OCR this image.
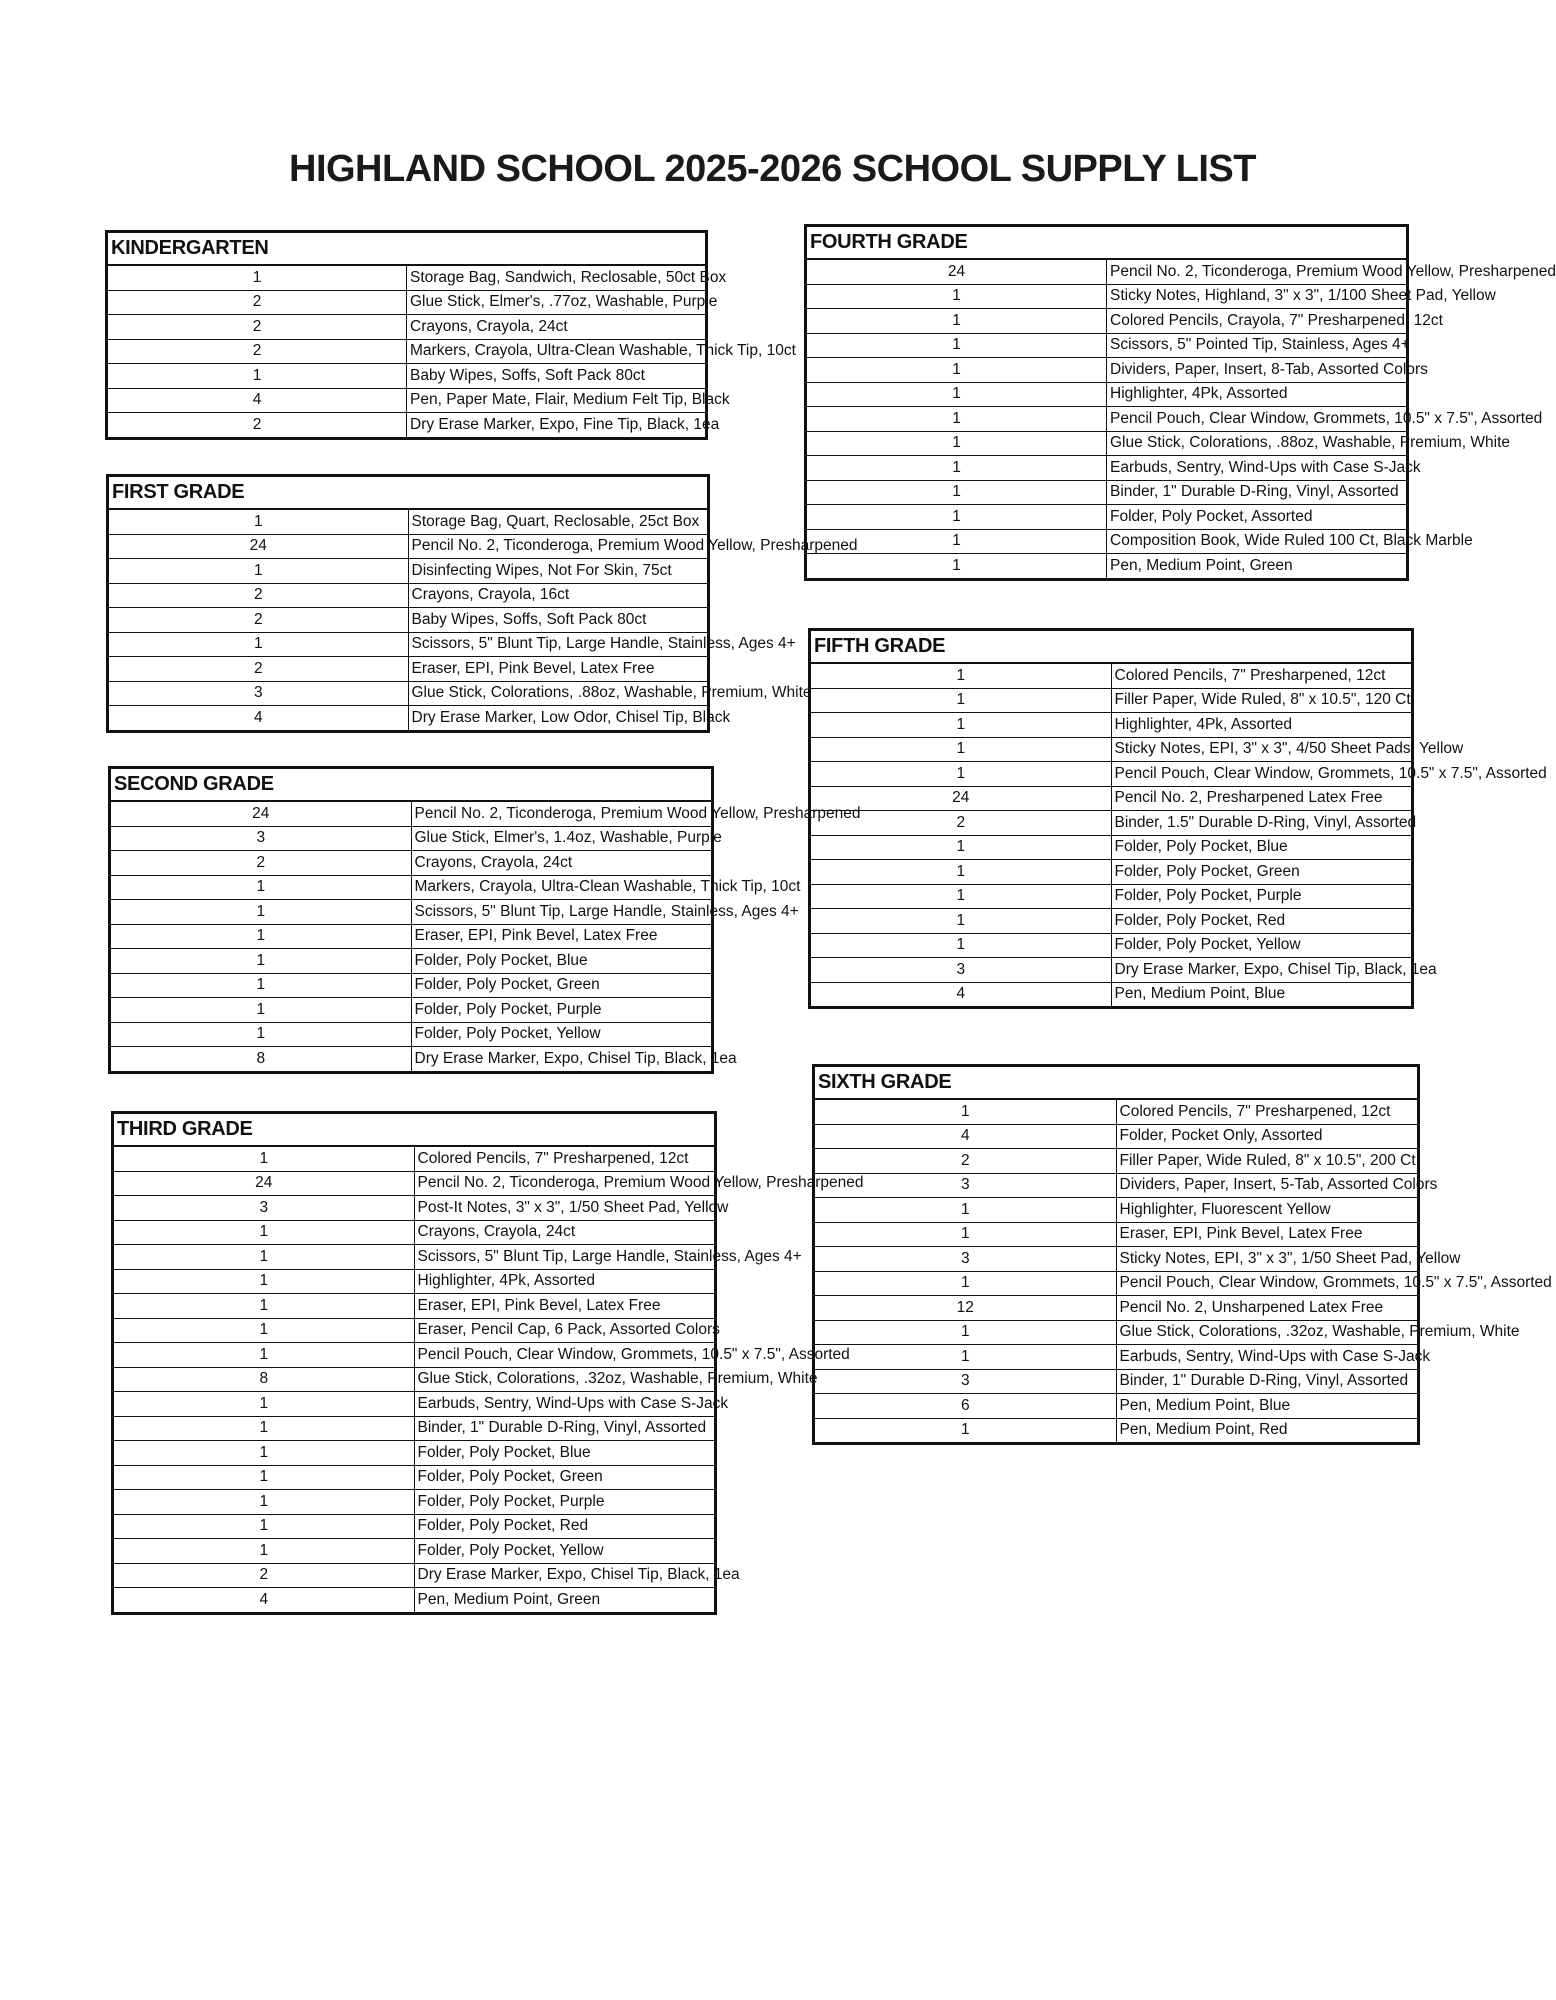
HIGHLAND SCHOOL 2025-2026 SCHOOL SUPPLY LIST
KINDERGARTEN	
1	Storage Bag, Sandwich, Reclosable, 50ct Box
2	Glue Stick, Elmer's, .77oz, Washable, Purple
2	Crayons, Crayola, 24ct
2	Markers, Crayola, Ultra-Clean Washable, Thick Tip, 10ct
1	Baby Wipes, Soffs, Soft Pack 80ct
4	Pen, Paper Mate, Flair, Medium Felt Tip, Black
2	Dry Erase Marker, Expo, Fine Tip, Black, 1ea
FIRST GRADE	
1	Storage Bag, Quart, Reclosable, 25ct Box
24	Pencil No. 2, Ticonderoga, Premium Wood Yellow, Presharpened
1	Disinfecting Wipes, Not For Skin, 75ct
2	Crayons, Crayola, 16ct
2	Baby Wipes, Soffs, Soft Pack 80ct
1	Scissors, 5" Blunt Tip, Large Handle, Stainless, Ages 4+
2	Eraser, EPI, Pink Bevel, Latex Free
3	Glue Stick, Colorations, .88oz, Washable, Premium, White
4	Dry Erase Marker, Low Odor, Chisel Tip, Black
SECOND GRADE	
24	Pencil No. 2, Ticonderoga, Premium Wood Yellow, Presharpened
3	Glue Stick, Elmer's, 1.4oz, Washable, Purple
2	Crayons, Crayola, 24ct
1	Markers, Crayola, Ultra-Clean Washable, Thick Tip, 10ct
1	Scissors, 5" Blunt Tip, Large Handle, Stainless, Ages 4+
1	Eraser, EPI, Pink Bevel, Latex Free
1	Folder, Poly Pocket, Blue
1	Folder, Poly Pocket, Green
1	Folder, Poly Pocket, Purple
1	Folder, Poly Pocket, Yellow
8	Dry Erase Marker, Expo, Chisel Tip, Black, 1ea
THIRD GRADE	
1	Colored Pencils, 7" Presharpened, 12ct
24	Pencil No. 2, Ticonderoga, Premium Wood Yellow, Presharpened
3	Post-It Notes, 3" x 3", 1/50 Sheet Pad, Yellow
1	Crayons, Crayola, 24ct
1	Scissors, 5" Blunt Tip, Large Handle, Stainless, Ages 4+
1	Highlighter, 4Pk, Assorted
1	Eraser, EPI, Pink Bevel, Latex Free
1	Eraser, Pencil Cap, 6 Pack, Assorted Colors
1	Pencil Pouch, Clear Window, Grommets, 10.5" x 7.5", Assorted
8	Glue Stick, Colorations, .32oz, Washable, Premium, White
1	Earbuds, Sentry, Wind-Ups with Case S-Jack
1	Binder, 1" Durable D-Ring, Vinyl, Assorted
1	Folder, Poly Pocket, Blue
1	Folder, Poly Pocket, Green
1	Folder, Poly Pocket, Purple
1	Folder, Poly Pocket, Red
1	Folder, Poly Pocket, Yellow
2	Dry Erase Marker, Expo, Chisel Tip, Black, 1ea
4	Pen, Medium Point, Green
FOURTH GRADE	
24	Pencil No. 2, Ticonderoga, Premium Wood Yellow, Presharpened
1	Sticky Notes, Highland, 3" x 3", 1/100 Sheet Pad, Yellow
1	Colored Pencils, Crayola, 7" Presharpened, 12ct
1	Scissors, 5" Pointed Tip, Stainless, Ages 4+
1	Dividers, Paper, Insert, 8-Tab, Assorted Colors
1	Highlighter, 4Pk, Assorted
1	Pencil Pouch, Clear Window, Grommets, 10.5" x 7.5", Assorted
1	Glue Stick, Colorations, .88oz, Washable, Premium, White
1	Earbuds, Sentry, Wind-Ups with Case S-Jack
1	Binder, 1" Durable D-Ring, Vinyl, Assorted
1	Folder, Poly Pocket, Assorted
1	Composition Book, Wide Ruled 100 Ct, Black Marble
1	Pen, Medium Point, Green
FIFTH GRADE	
1	Colored Pencils, 7" Presharpened, 12ct
1	Filler Paper, Wide Ruled, 8" x 10.5", 120 Ct
1	Highlighter, 4Pk, Assorted
1	Sticky Notes, EPI, 3" x 3", 4/50 Sheet Pads, Yellow
1	Pencil Pouch, Clear Window, Grommets, 10.5" x 7.5", Assorted
24	Pencil No. 2, Presharpened Latex Free
2	Binder, 1.5" Durable D-Ring, Vinyl, Assorted
1	Folder, Poly Pocket, Blue
1	Folder, Poly Pocket, Green
1	Folder, Poly Pocket, Purple
1	Folder, Poly Pocket, Red
1	Folder, Poly Pocket, Yellow
3	Dry Erase Marker, Expo, Chisel Tip, Black, 1ea
4	Pen, Medium Point, Blue
SIXTH GRADE	
1	Colored Pencils, 7" Presharpened, 12ct
4	Folder, Pocket Only, Assorted
2	Filler Paper, Wide Ruled, 8" x 10.5", 200 Ct
3	Dividers, Paper, Insert, 5-Tab, Assorted Colors
1	Highlighter, Fluorescent Yellow
1	Eraser, EPI, Pink Bevel, Latex Free
3	Sticky Notes, EPI, 3" x 3", 1/50 Sheet Pad, Yellow
1	Pencil Pouch, Clear Window, Grommets, 10.5" x 7.5", Assorted
12	Pencil No. 2, Unsharpened Latex Free
1	Glue Stick, Colorations, .32oz, Washable, Premium, White
1	Earbuds, Sentry, Wind-Ups with Case S-Jack
3	Binder, 1" Durable D-Ring, Vinyl, Assorted
6	Pen, Medium Point, Blue
1	Pen, Medium Point, Red
